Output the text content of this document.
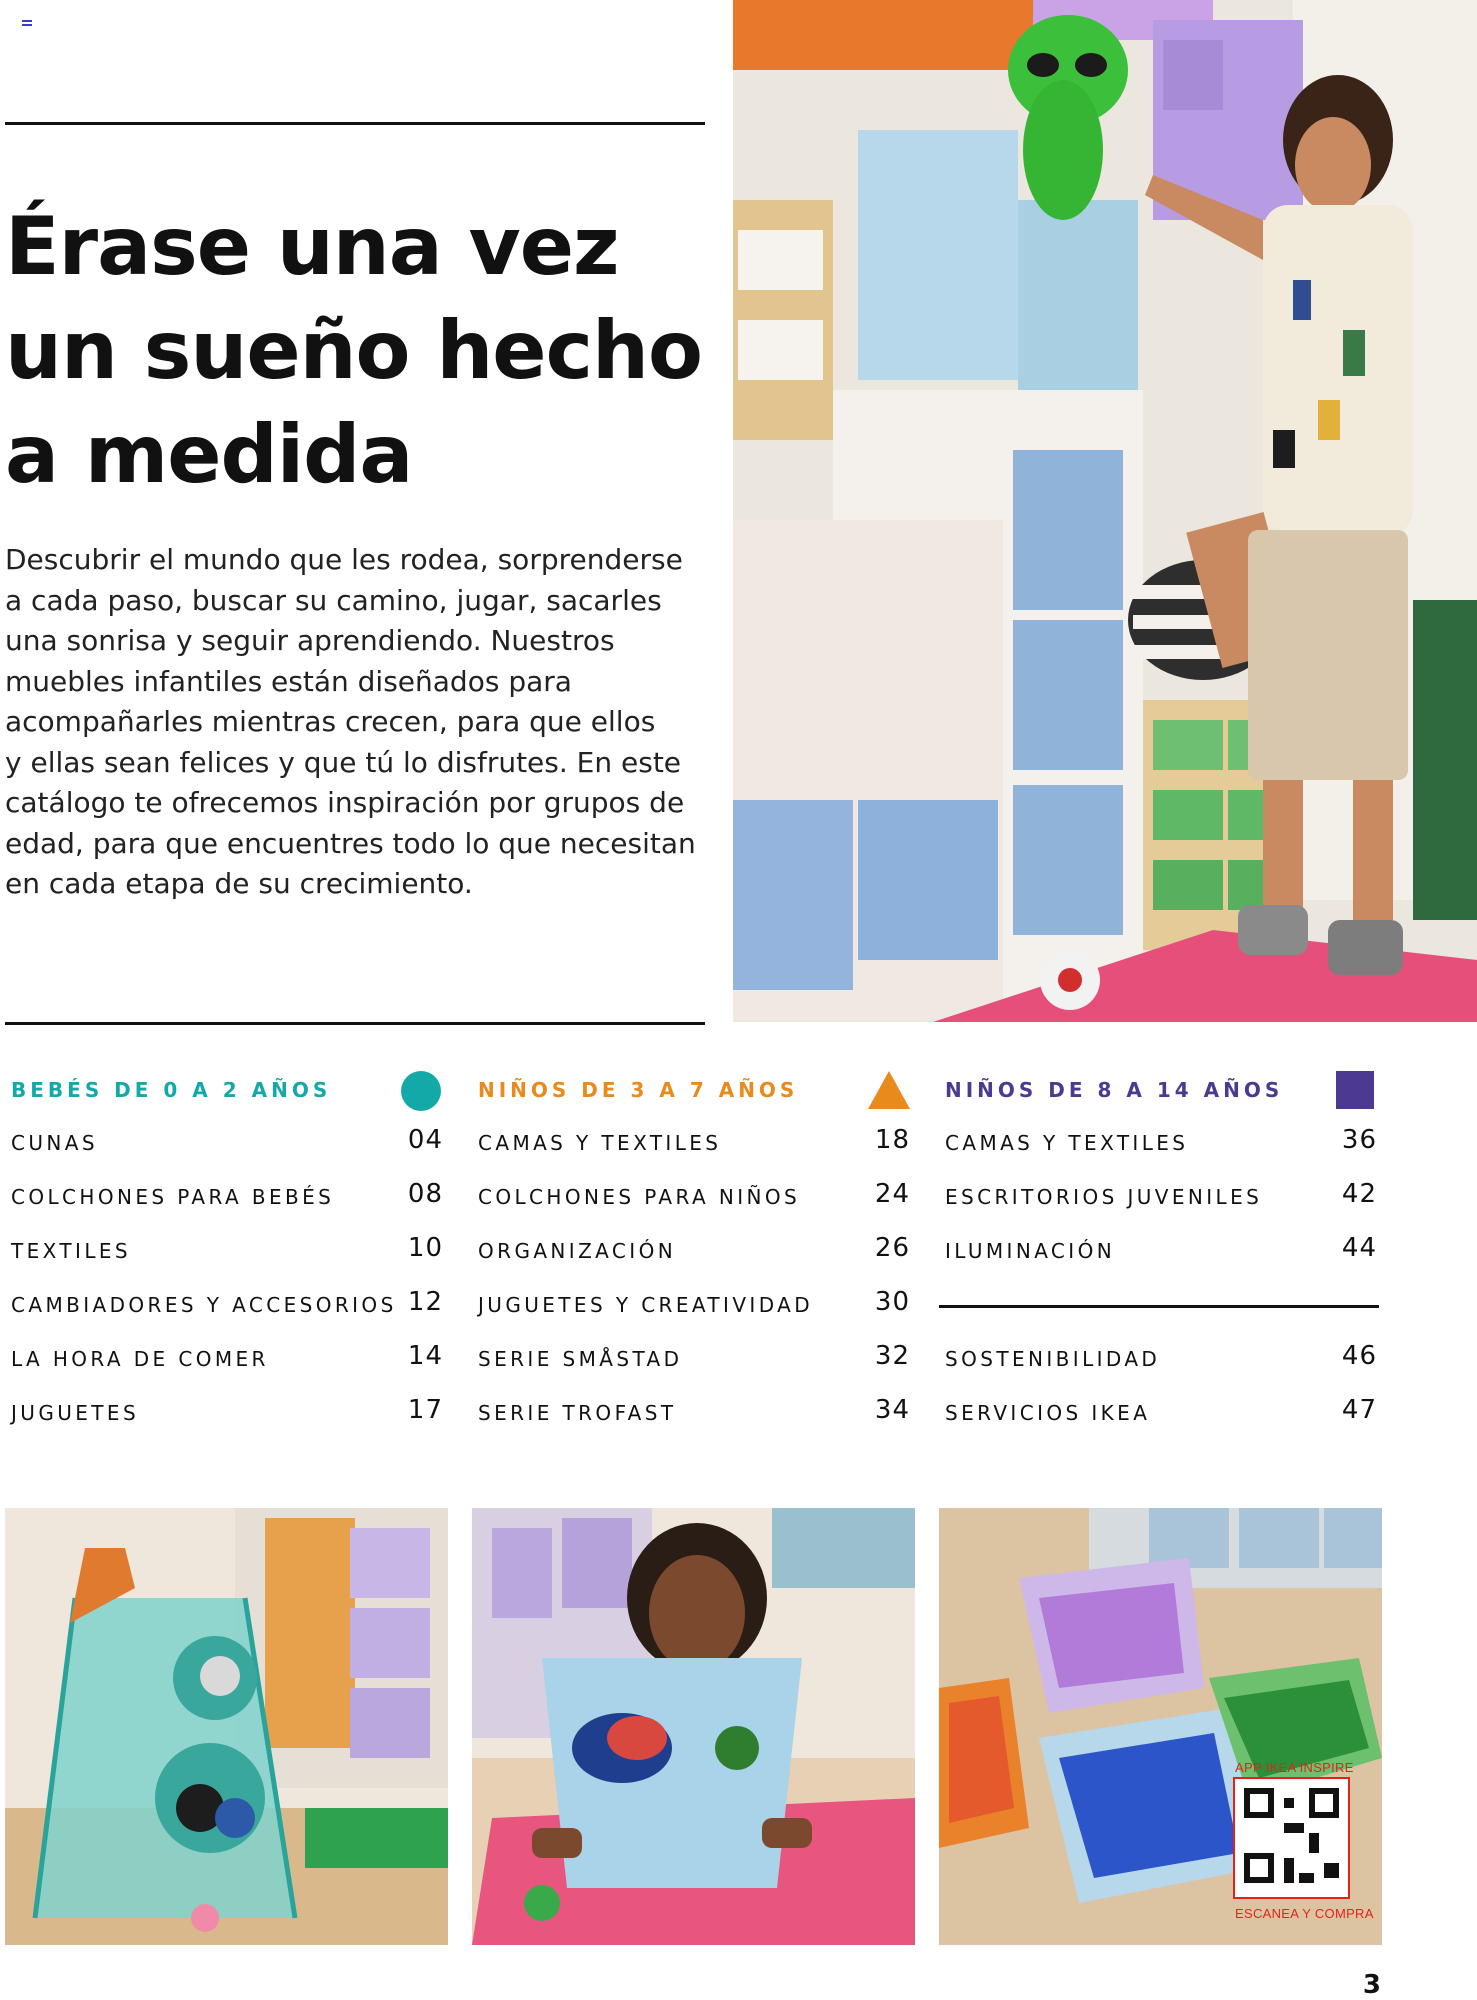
Érase una vez
un sueño hecho
a medida
Descubrir el mundo que les rodea, sorprenderse
a cada paso, buscar su camino, jugar, sacarles
una sonrisa y seguir aprendiendo. Nuestros
muebles infantiles están diseñados para
acompañarles mientras crecen, para que ellos
y ellas sean felices y que tú lo disfrutes. En este
catálogo te ofrecemos inspiración por grupos de
edad, para que encuentres todo lo que necesitan
en cada etapa de su crecimiento.
BEBÉS DE 0 A 2 AÑOS
CUNAS	04
COLCHONES PARA BEBÉS	08
TEXTILES	10
CAMBIADORES Y ACCESORIOS 12
LA HORA DE COMER	14
JUGUETES	17
NIÑOS DE 3 A 7 AÑOS
CAMAS Y TEXTILES	18
COLCHONES PARA NIÑOS	24
ORGANIZACIÓN	26
JUGUETES Y CREATIVIDAD 30
SERIE SMÅSTAD	32
SERIE TROFAST	34
NIÑOS DE 8 A 14 AÑOS
CAMAS Y TEXTILES	36
ESCRITORIOS JUVENILES	42
ILUMINACIÓN	44
SOSTENIBILIDAD	46
SERVICIOS IKEA	47
APP IKEA INSPIRE
ESCANEA Y COMPRA
3
